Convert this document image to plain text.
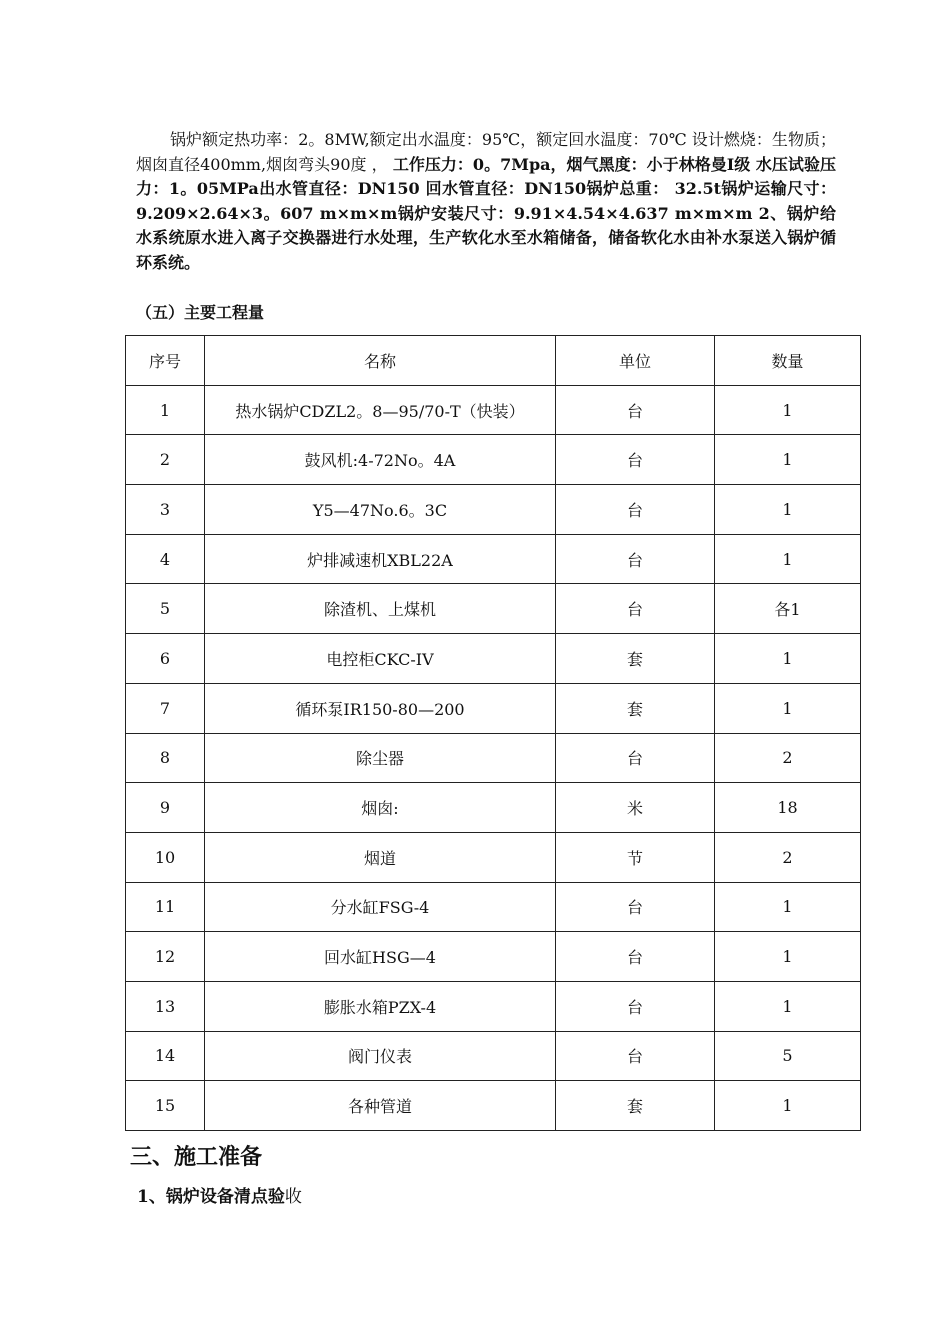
锅炉额定热功率：2。8MW,额定出水温度：95℃，额定回水温度：70℃ 设计燃烧：生物质； 烟囱直径400mm,烟囱弯头90度 ， 工作压力：0。7Mpa，烟气黑度：小于林格曼Ⅰ级 水压试验压力：1。05MPa出水管直径：DN150 回水管直径：DN150锅炉总重： 32.5t锅炉运输尺寸：9.209×2.64×3。607 m×m×m锅炉安装尺寸：9.91×4.54×4.637 m×m×m 2、锅炉给水系统原水进入离子交换器进行水处理，生产软化水至水箱储备，储备软化水由补水泵送入锅炉循环系统。

（五）主要工程量
序号	名称	单位	数量
1	热水锅炉CDZL2。8—95/70-T（快装）	台	1
2	鼓风机:4-72No。4A	台	1
3	Y5—47No.6。3C	台	1
4	炉排减速机XBL22A	台	1
5	除渣机、上煤机	台	各1
6	电控柜CKC-IV	套	1
7	循环泵IR150-80—200	套	1
8	除尘器	台	2
9	烟囱:	米	18
10	烟道	节	2
11	分水缸FSG-4	台	1
12	回水缸HSG—4	台	1
13	膨胀水箱PZX-4	台	1
14	阀门仪表	台	5
15	各种管道	套	1
三、施工准备
1、锅炉设备清点验收
